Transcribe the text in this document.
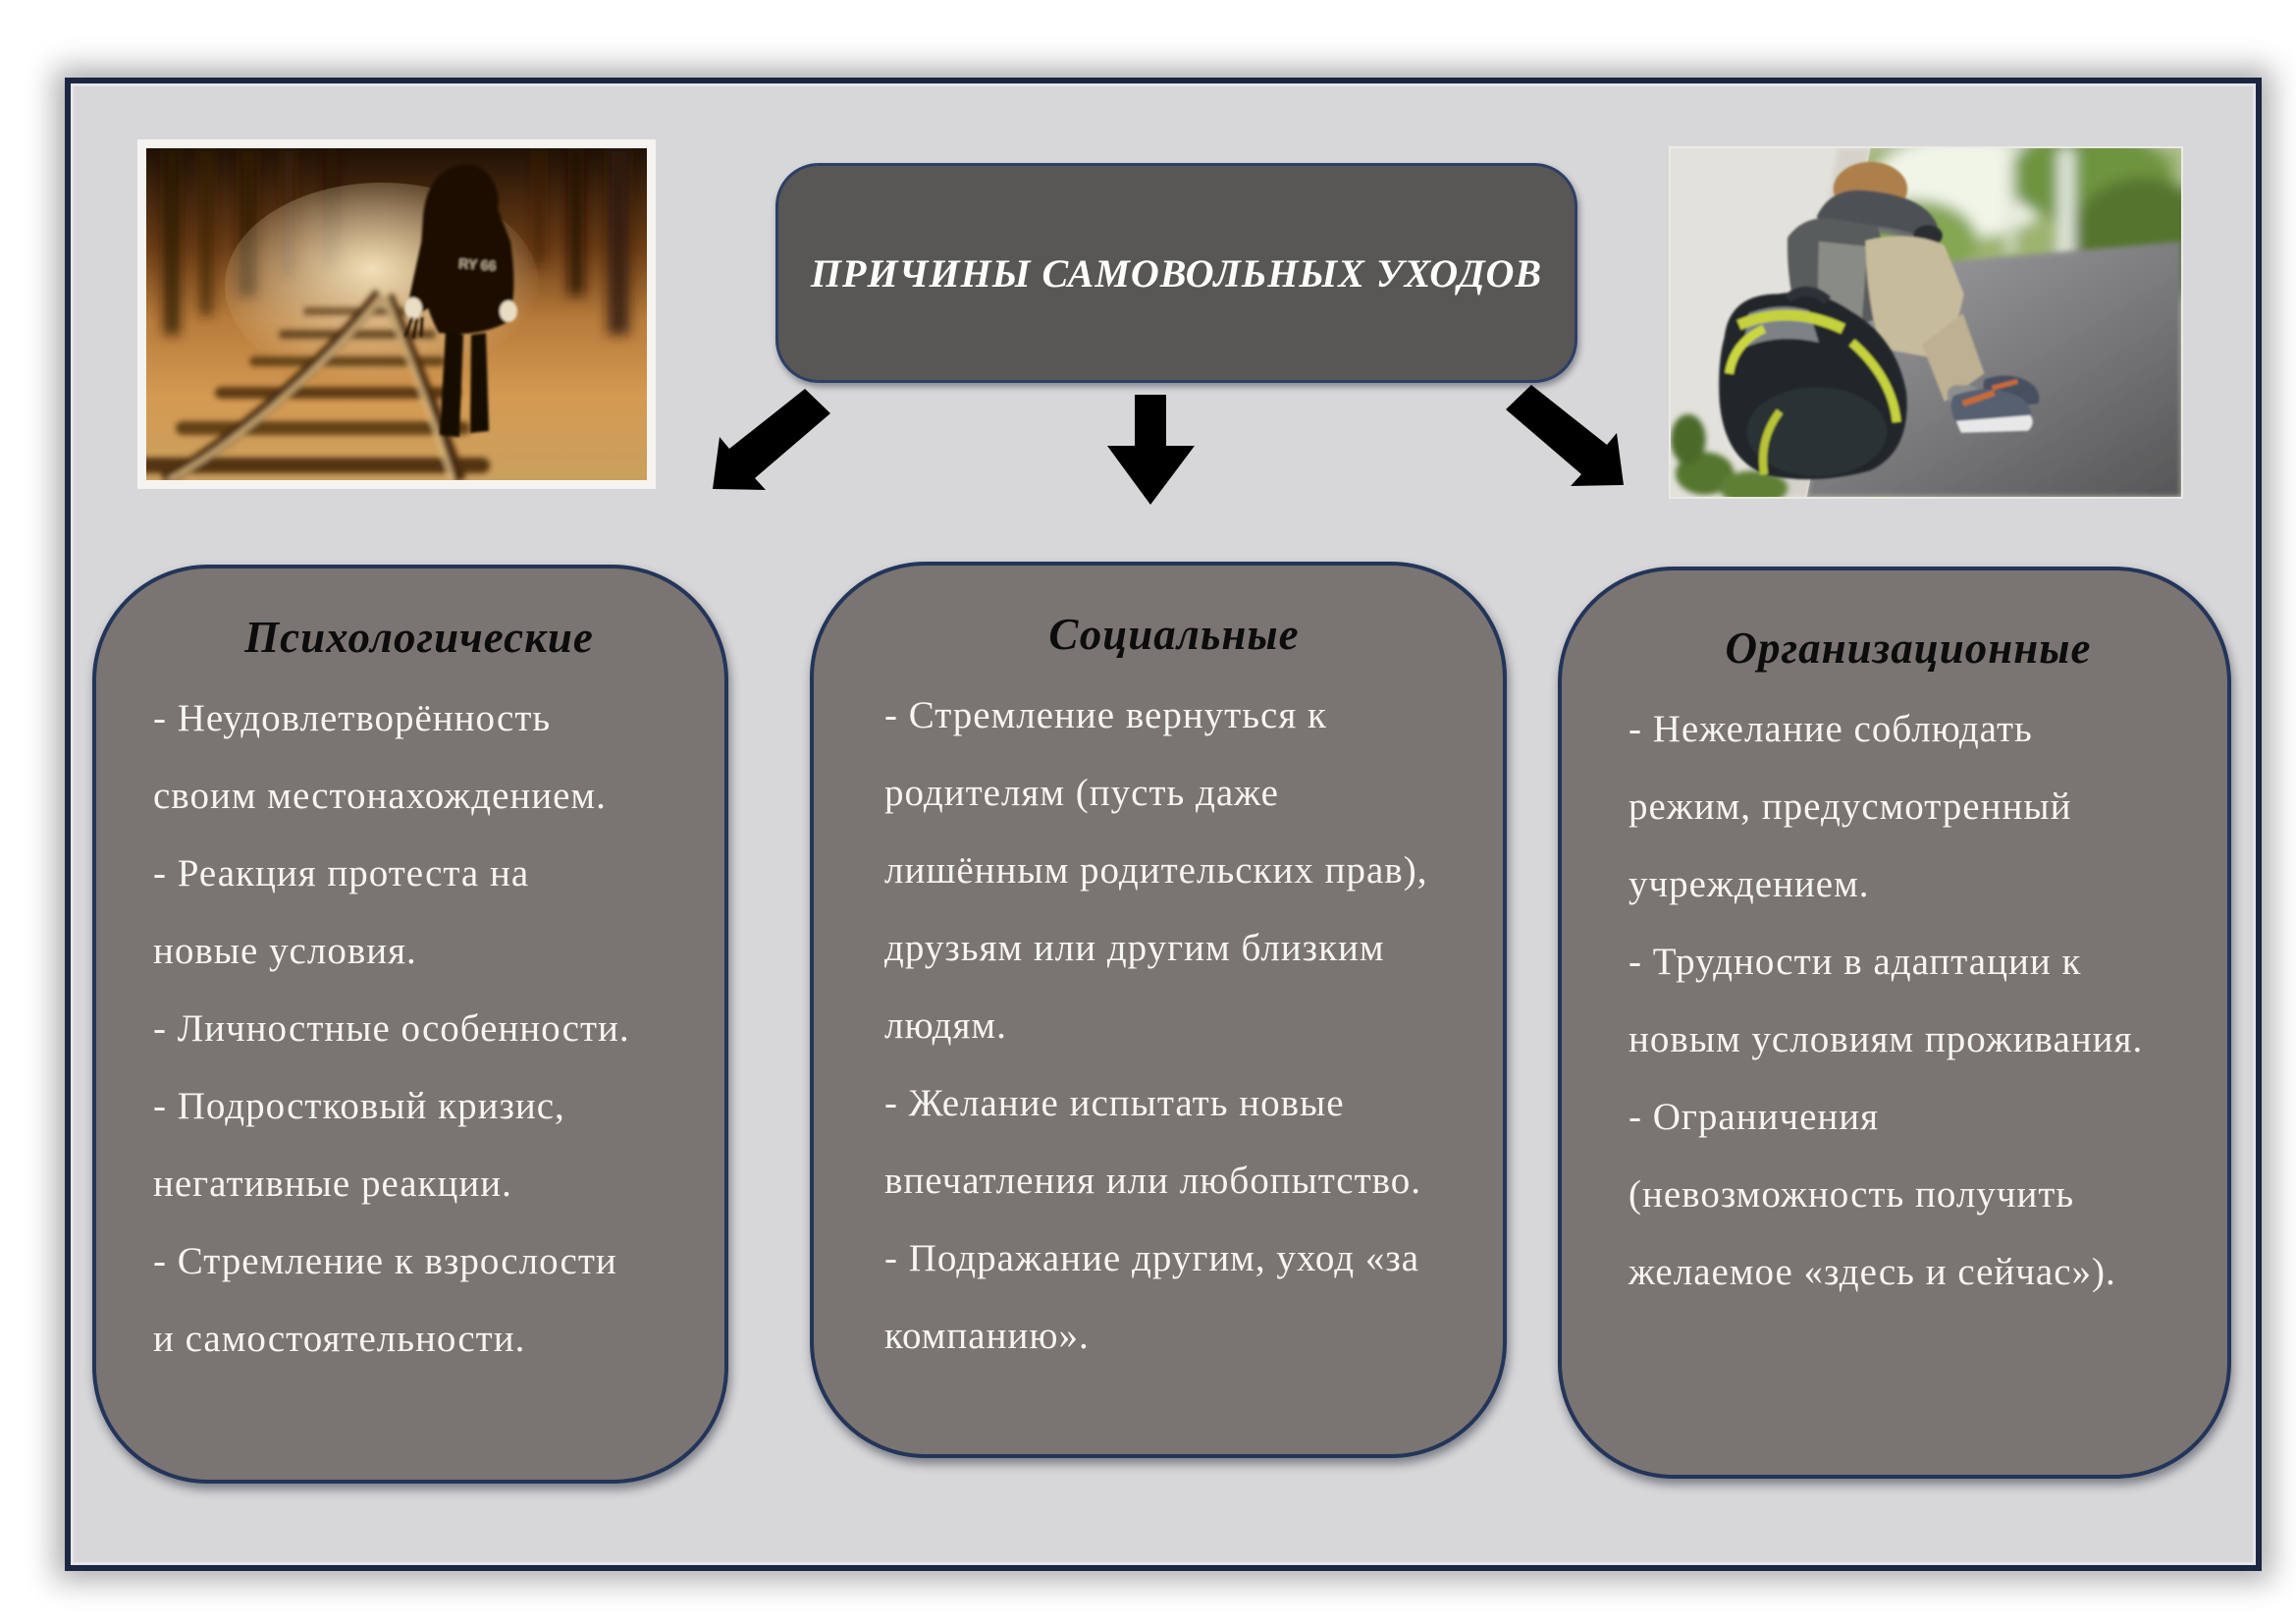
RY 66	ПРИЧИНЫ САМОВОЛЬНЫХ УХОДОВ
Психологические
- Неудовлетворённость
своим местонахождением.
- Реакция протеста на
новые условия.
- Личностные особенности.
- Подростковый кризис,
негативные реакции.
- Стремление к взрослости
и самостоятельности.
Социальные
- Стремление вернуться к
родителям (пусть даже
лишённым родительских прав),
друзьям или другим близким
людям.
- Желание испытать новые
впечатления или любопытство.
- Подражание другим, уход «за
компанию».
Организационные
- Нежелание соблюдать
режим, предусмотренный
учреждением.
- Трудности в адаптации к
новым условиям проживания.
- Ограничения
(невозможность получить
желаемое «здесь и сейчас»).
